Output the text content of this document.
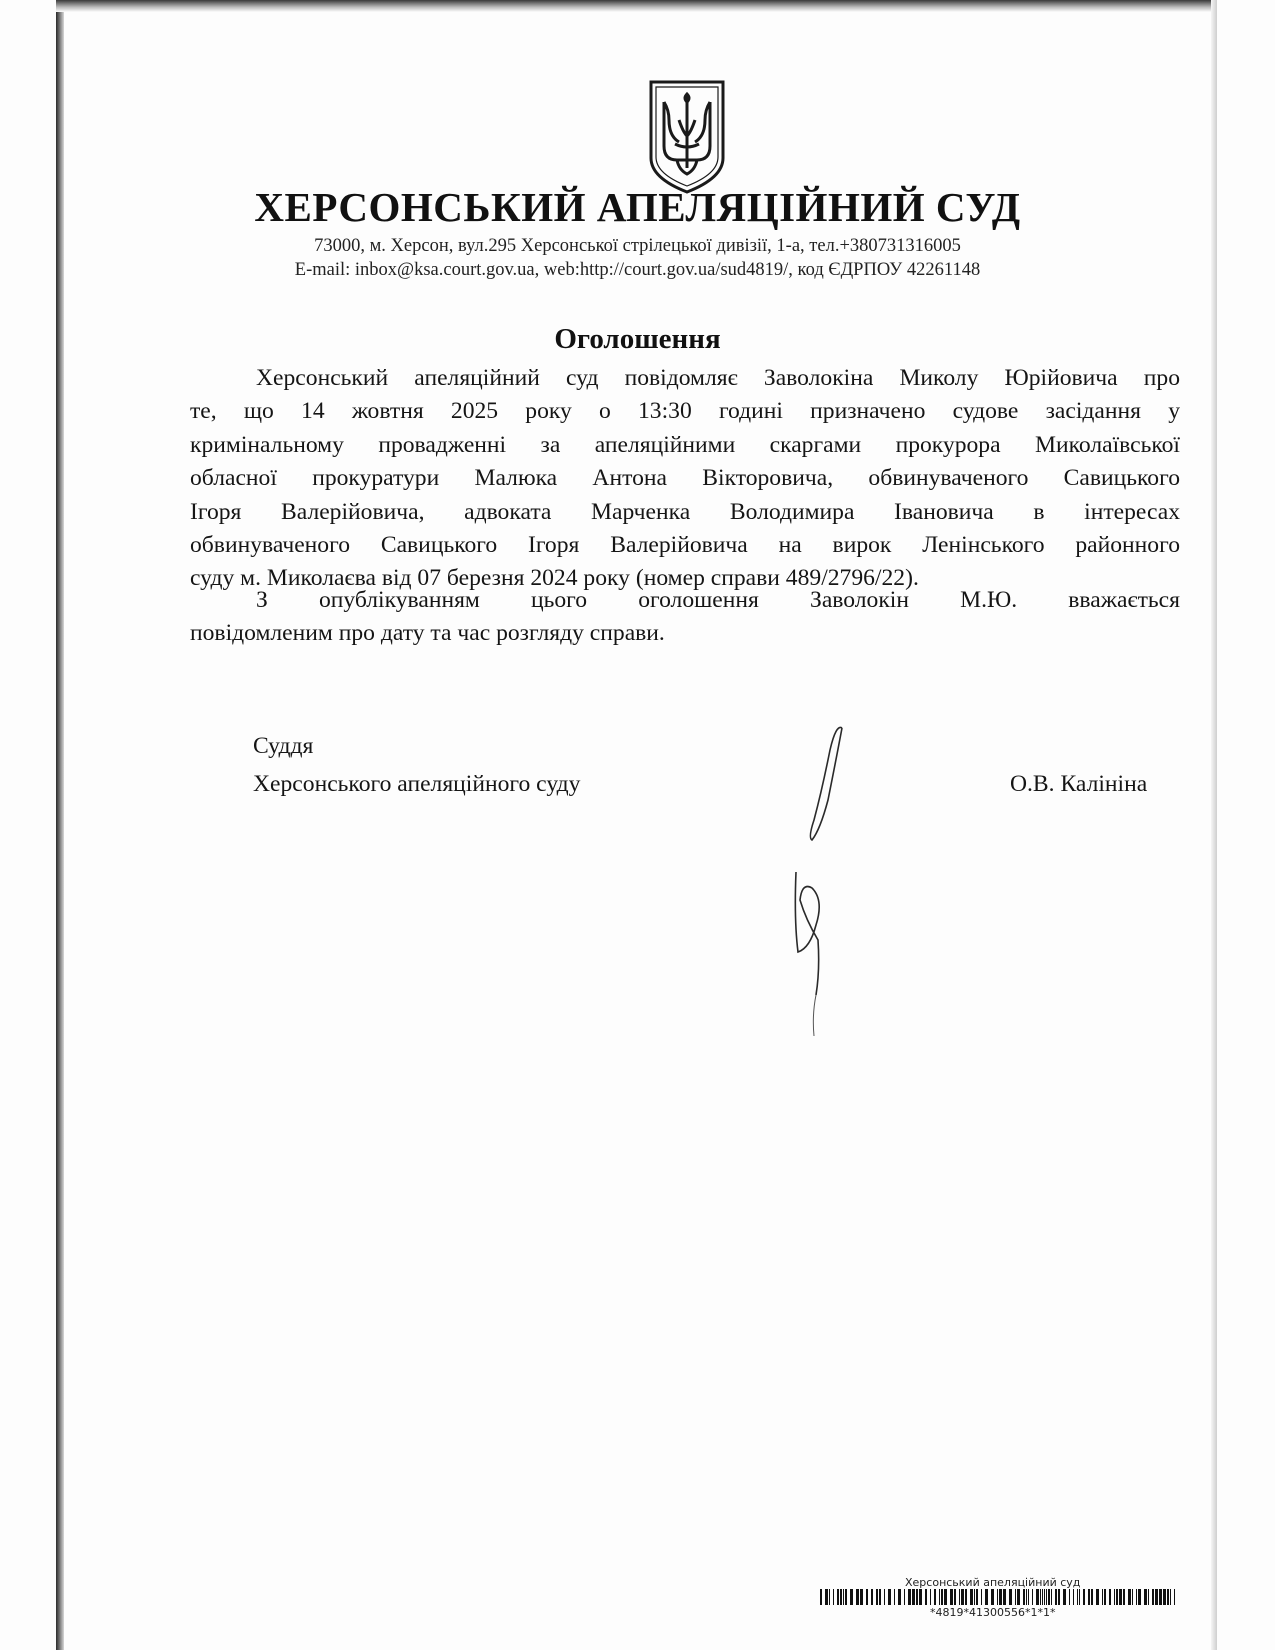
ХЕРСОНСЬКИЙ АПЕЛЯЦІЙНИЙ СУД
73000, м. Херсон, вул.295 Херсонської стрілецької дивізії, 1-а, тел.+380731316005
E-mail: inbox@ksa.court.gov.ua, web:http://court.gov.ua/sud4819/, код ЄДРПОУ 42261148
Оголошення
Херсонський апеляційний суд повідомляє Заволокіна Миколу Юрійовича про
те, що 14 жовтня 2025 року о 13:30 годині призначено судове засідання у
кримінальному провадженні за апеляційними скаргами прокурора Миколаївської
обласної прокуратури Малюка Антона Вікторовича, обвинуваченого Савицького
Ігоря Валерійовича, адвоката Марченка Володимира Івановича в інтересах
обвинуваченого Савицького Ігоря Валерійовича на вирок Ленінського районного
суду м. Миколаєва від 07 березня 2024 року (номер справи 489/2796/22).
З опублікуванням цього оголошення Заволокін М.Ю. вважається
повідомленим про дату та час розгляду справи.
Суддя
Херсонського апеляційного суду	О.В. Калініна
Херсонський апеляційний суд
*4819*41300556*1*1*
